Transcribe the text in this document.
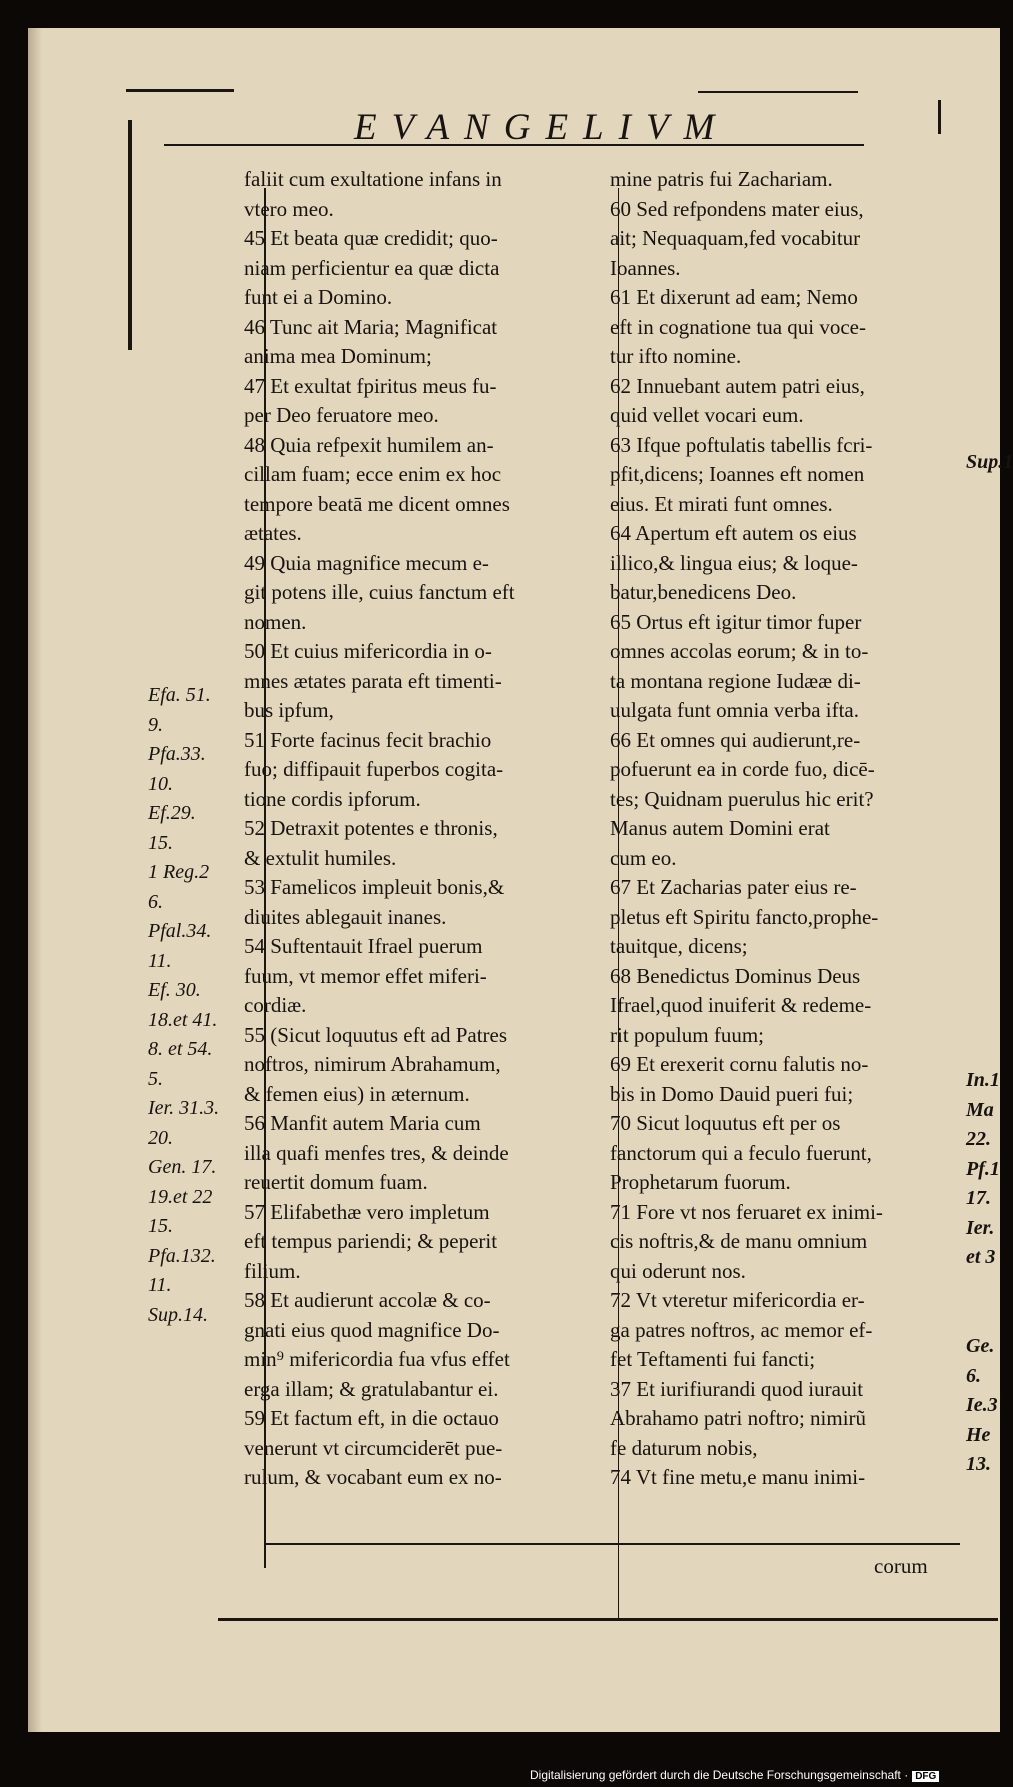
EVANGELIVM
Efa. 51.
9.
Pfa.33.
10.
Ef.29.
15.
1 Reg.2
6.
Pfal.34.
11.
Ef. 30.
18.et 41.
8. et 54.
5.
Ier. 31.3.
20.
Gen. 17.
19.et 22
15.
Pfa.132.
11.
Sup.14.
faliit cum exultatione infans in
vtero meo.
45 Et beata quæ credidit; quo-
niam perficientur ea quæ dicta
funt ei a Domino.
46 Tunc ait Maria; Magnificat
anima mea Dominum;
47 Et exultat fpiritus meus fu-
per Deo feruatore meo.
48 Quia refpexit humilem an-
cillam fuam; ecce enim ex hoc
tempore beatā me dicent omnes
ætates.
49 Quia magnifice mecum e-
git potens ille, cuius fanctum eft
nomen.
50 Et cuius mifericordia in o-
mnes ætates parata eft timenti-
bus ipfum,
51 Forte facinus fecit brachio
fuo; diffipauit fuperbos cogita-
tione cordis ipforum.
52 Detraxit potentes e thronis,
& extulit humiles.
53 Famelicos impleuit bonis,&
diuites ablegauit inanes.
54 Suftentauit Ifrael puerum
fuum, vt memor effet miferi-
cordiæ.
55 (Sicut loquutus eft ad Patres
noftros, nimirum Abrahamum,
& femen eius) in æternum.
56 Manfit autem Maria cum
illa quafi menfes tres, & deinde
reuertit domum fuam.
57 Elifabethæ vero impletum
eft tempus pariendi; & peperit
filium.
58 Et audierunt accolæ & co-
gnati eius quod magnifice Do-
min⁹ mifericordia fua vfus effet
erga illam; & gratulabantur ei.
59 Et factum eft, in die octauo
venerunt vt circumciderēt pue-
rulum, & vocabant eum ex no-
mine patris fui Zachariam.
60 Sed refpondens mater eius,
ait; Nequaquam,fed vocabitur
Ioannes.
61 Et dixerunt ad eam; Nemo
eft in cognatione tua qui voce-
tur ifto nomine.
62 Innuebant autem patri eius,
quid vellet vocari eum.
63 Ifque poftulatis tabellis fcri-
pfit,dicens; Ioannes eft nomen
eius. Et mirati funt omnes.
64 Apertum eft autem os eius
illico,& lingua eius; & loque-
batur,benedicens Deo.
65 Ortus eft igitur timor fuper
omnes accolas eorum; & in to-
ta montana regione Iudææ di-
uulgata funt omnia verba ifta.
66 Et omnes qui audierunt,re-
pofuerunt ea in corde fuo, dicē-
tes; Quidnam puerulus hic erit?
Manus autem Domini erat
cum eo.
67 Et Zacharias pater eius re-
pletus eft Spiritu fancto,prophe-
tauitque, dicens;
68 Benedictus Dominus Deus
Ifrael,quod inuiferit & redeme-
rit populum fuum;
69 Et erexerit cornu falutis no-
bis in Domo Dauid pueri fui;
70 Sicut loquutus eft per os
fanctorum qui a feculo fuerunt,
Prophetarum fuorum.
71 Fore vt nos feruaret ex inimi-
cis noftris,& de manu omnium
qui oderunt nos.
72 Vt vteretur mifericordia er-
ga patres noftros, ac memor ef-
fet Teftamenti fui fancti;
37 Et iurifiurandi quod iurauit
Abrahamo patri noftro; nimirũ
fe daturum nobis,
74 Vt fine metu,e manu inimi-
Sup.1
In.1
Ma
22.
Pf.1
17.
Ier.
et 3
Ge.
6.
Ie.3
He
13.
corum
Digitalisierung gefördert durch die Deutsche Forschungsgemeinschaft · DFG
